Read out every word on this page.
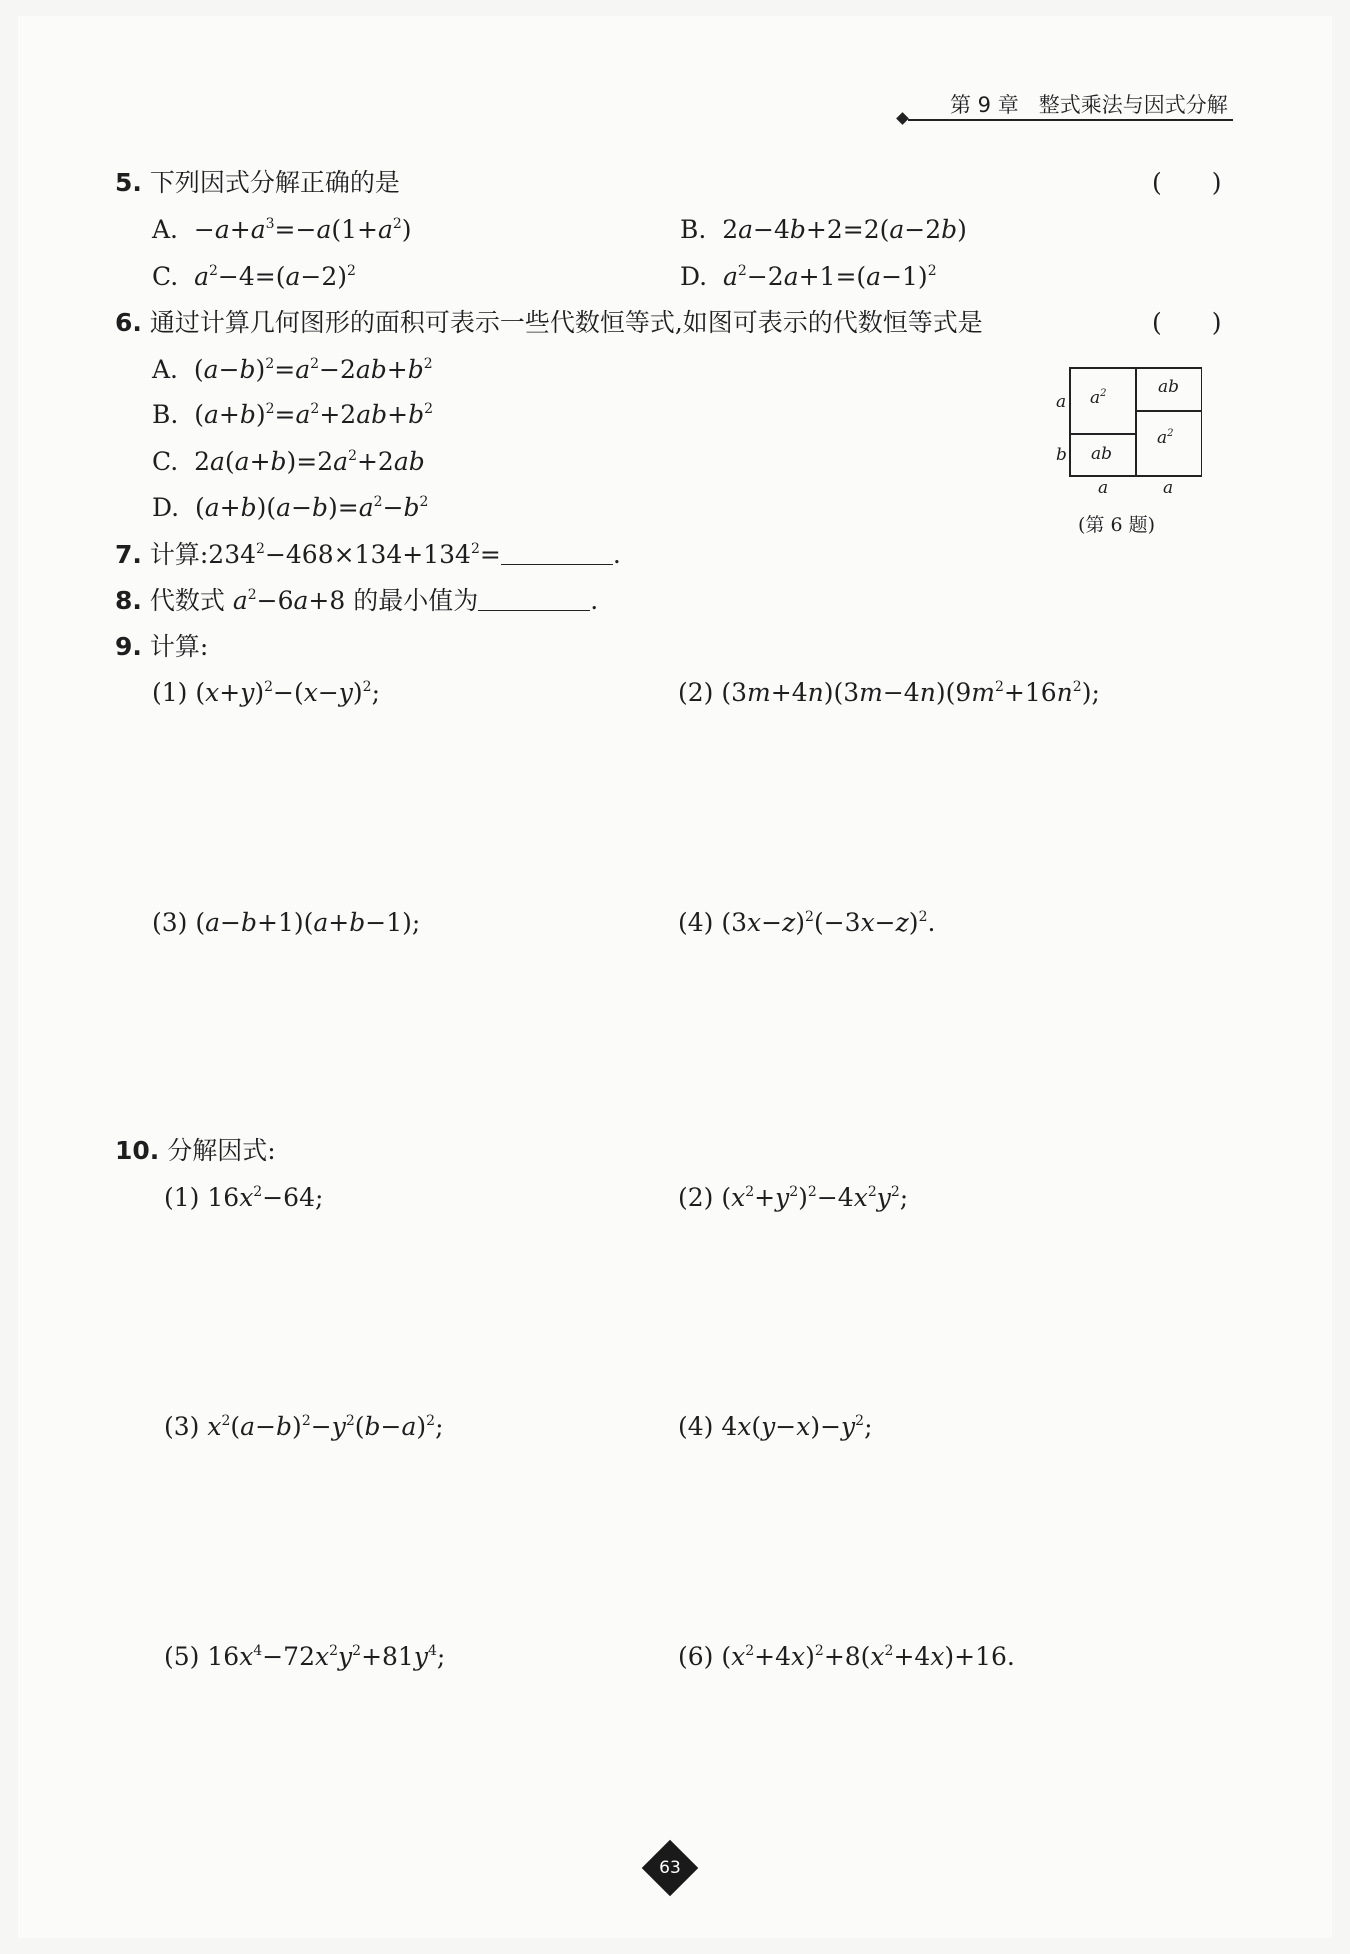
第 9 章 整式乘法与因式分解
5. 下列因式分解正确的是	(　　)
A.  $-a+a^3=-a(1+a^2)$	B.  2a−4b+2=2(a−2b)
C. $a^2-4=(a-2)^2$	D. $a^2-2a+1=(a-1)^2$
6. 通过计算几何图形的面积可表示一些代数恒等式,如图可表示的代数恒等式是	(　　)
A.  $(a-b)^2=a^2-2ab+b^2$
B.  $(a+b)^2=a^2+2ab+b^2$
C.  $2a(a+b)=2a^2+2ab$
D.  $(a+b)(a-b)=a^2-b^2$
$a^2$	ab
$a^2$
ab
a
b
a	a
(第 6 题)
7. 计算$:234^2-468\times 134+134^2=$	.
8. 代数式 $a^2-6a+8$ 的最小值为	.
9. 计算:
(1) $(x+y)^2-(x-y)^2$;	(2) $(3m+4n)(3m-4n)(9m^2+16n^2)$;
(3) (a−b+1)(a+b−1);	(4) $(3x-z)^2(-3x-z)^2$.
10. 分解因式:
(1) $16x^2-64$;	(2) $(x^2+y^2)^2-4x^2y^2$;
(3) $x^2(a-b)^2-y^2(b-a)^2$;	(4) $4x(y-x)-y^2$;
(5) $16x^4-72x^2y^2+81y^4$;	(6) $(x^2+4x)^2+8(x^2+4x)+16$.
63
